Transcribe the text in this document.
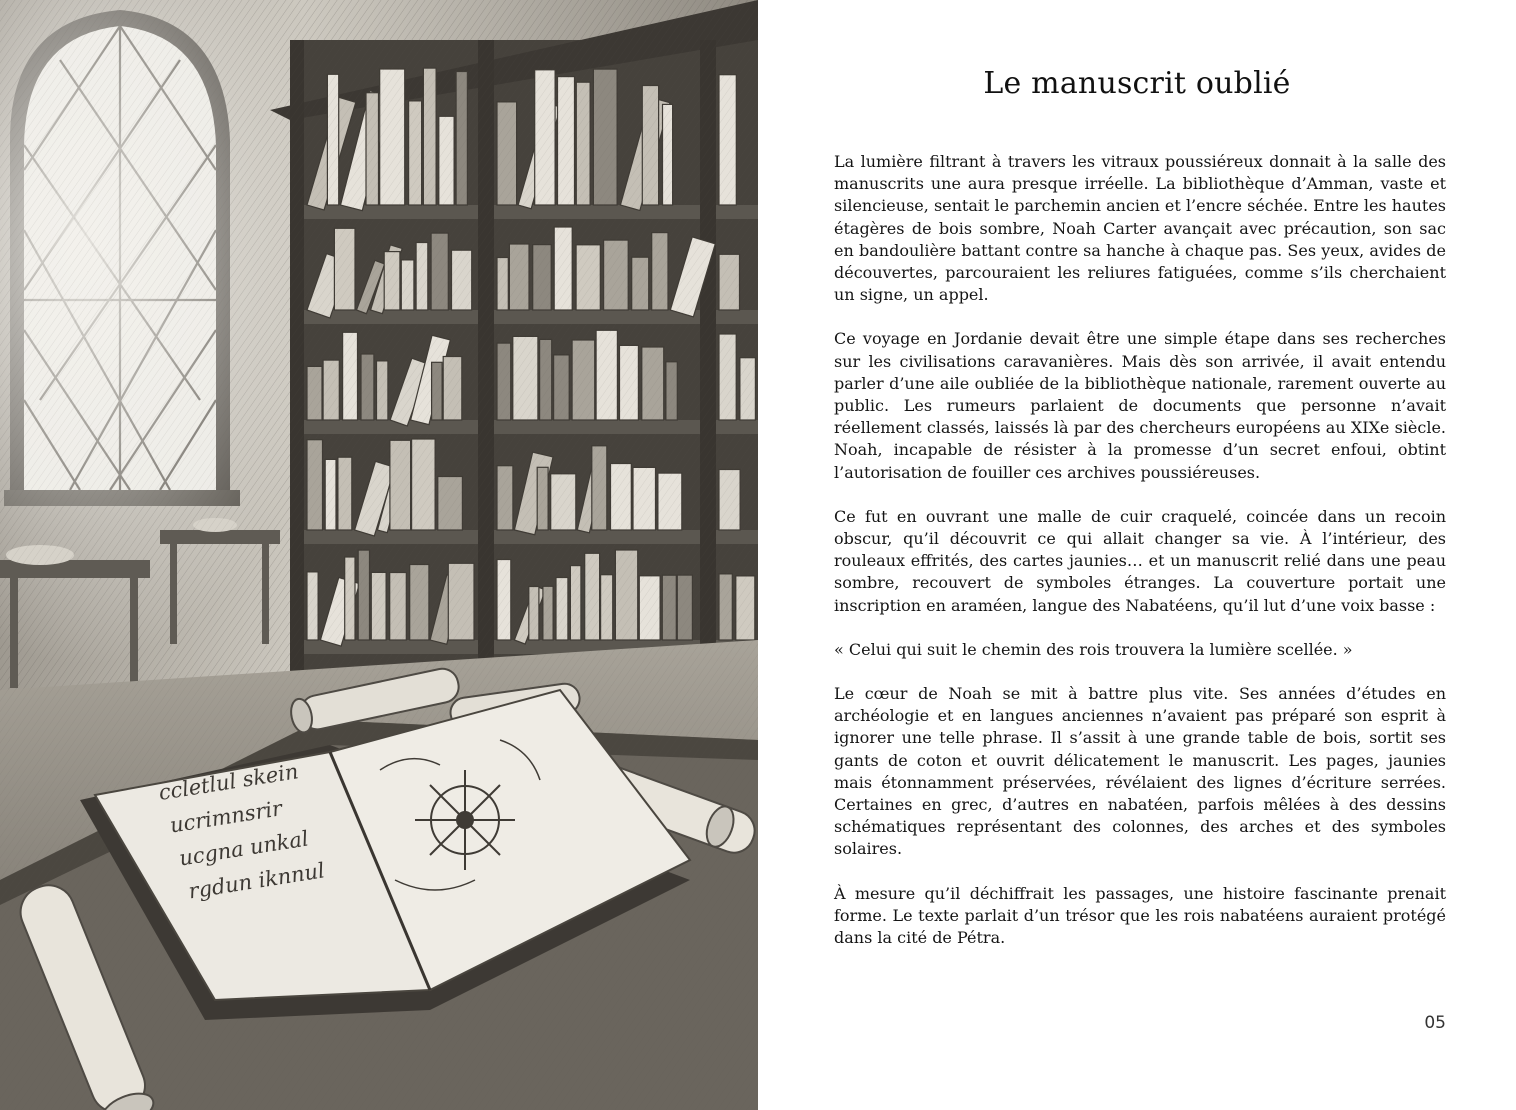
ccletlul skein
ucrimnsrir
ucgna unkal
rgdun iknnul
Le manuscrit oublié

La lumière filtrant à travers les vitraux poussiéreux donnait à la salle des manuscrits une aura presque irréelle. La bibliothèque d’Amman, vaste et silencieuse, sentait le parchemin ancien et l’encre séchée. Entre les hautes étagères de bois sombre, Noah Carter avançait avec précaution, son sac en bandoulière battant contre sa hanche à chaque pas. Ses yeux, avides de découvertes, parcouraient les reliures fatiguées, comme s’ils cherchaient un signe, un appel.

Ce voyage en Jordanie devait être une simple étape dans ses recherches sur les civilisations caravanières. Mais dès son arrivée, il avait entendu parler d’une aile oubliée de la bibliothèque nationale, rarement ouverte au public. Les rumeurs parlaient de documents que personne n’avait réellement classés, laissés là par des chercheurs européens au XIXe siècle. Noah, incapable de résister à la promesse d’un secret enfoui, obtint l’autorisation de fouiller ces archives poussiéreuses.

Ce fut en ouvrant une malle de cuir craquelé, coincée dans un recoin obscur, qu’il découvrit ce qui allait changer sa vie. À l’intérieur, des rouleaux effrités, des cartes jaunies… et un manuscrit relié dans une peau sombre, recouvert de symboles étranges. La couverture portait une inscription en araméen, langue des Nabatéens, qu’il lut d’une voix basse :

« Celui qui suit le chemin des rois trouvera la lumière scellée. »

Le cœur de Noah se mit à battre plus vite. Ses années d’études en archéologie et en langues anciennes n’avaient pas préparé son esprit à ignorer une telle phrase. Il s’assit à une grande table de bois, sortit ses gants de coton et ouvrit délicatement le manuscrit. Les pages, jaunies mais étonnamment préservées, révélaient des lignes d’écriture serrées. Certaines en grec, d’autres en nabatéen, parfois mêlées à des dessins schématiques représentant des colonnes, des arches et des symboles solaires.

À mesure qu’il déchiffrait les passages, une histoire fascinante prenait forme. Le texte parlait d’un trésor que les rois nabatéens auraient protégé dans la cité de Pétra.

05
